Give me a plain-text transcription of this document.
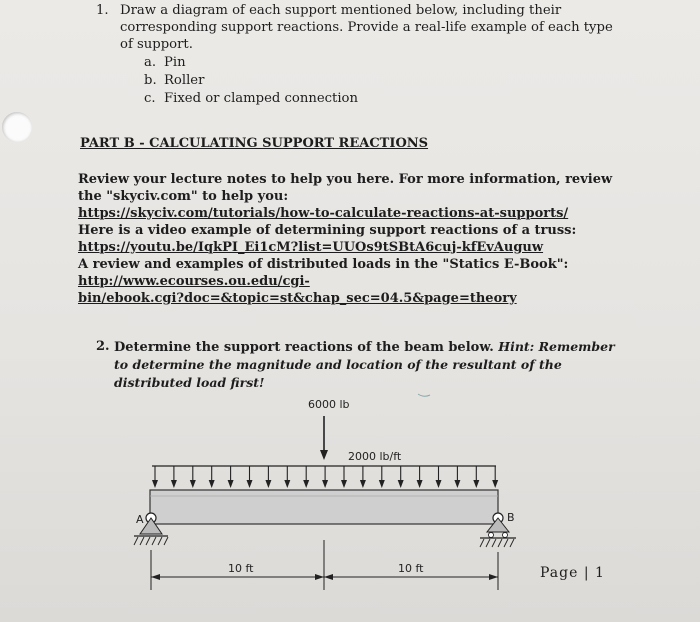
1. Draw a diagram of each support mentioned below, including their corresponding support reactions. Provide a real-life example of each type of support.
a. Pin
b. Roller
c. Fixed or clamped connection
PART B - CALCULATING SUPPORT REACTIONS
Review your lecture notes to help you here. For more information, review the "skyciv.com" to help you:
https://skyciv.com/tutorials/how-to-calculate-reactions-at-supports/
Here is a video example of determining support reactions of a truss:
https://youtu.be/IqkPI_Ei1cM?list=UUOs9tSBtA6cuj-kfEvAuguw
A review and examples of distributed loads in the "Statics E-Book":
http://www.ecourses.ou.edu/cgi-
bin/ebook.cgi?doc=&topic=st&chap_sec=04.5&page=theory
2. Determine the support reactions of the beam below. Hint: Remember to determine the magnitude and location of the resultant of the distributed load first!
6000 lb
2000 lb/ft
A	B
10 ft	10 ft	Page | 1
